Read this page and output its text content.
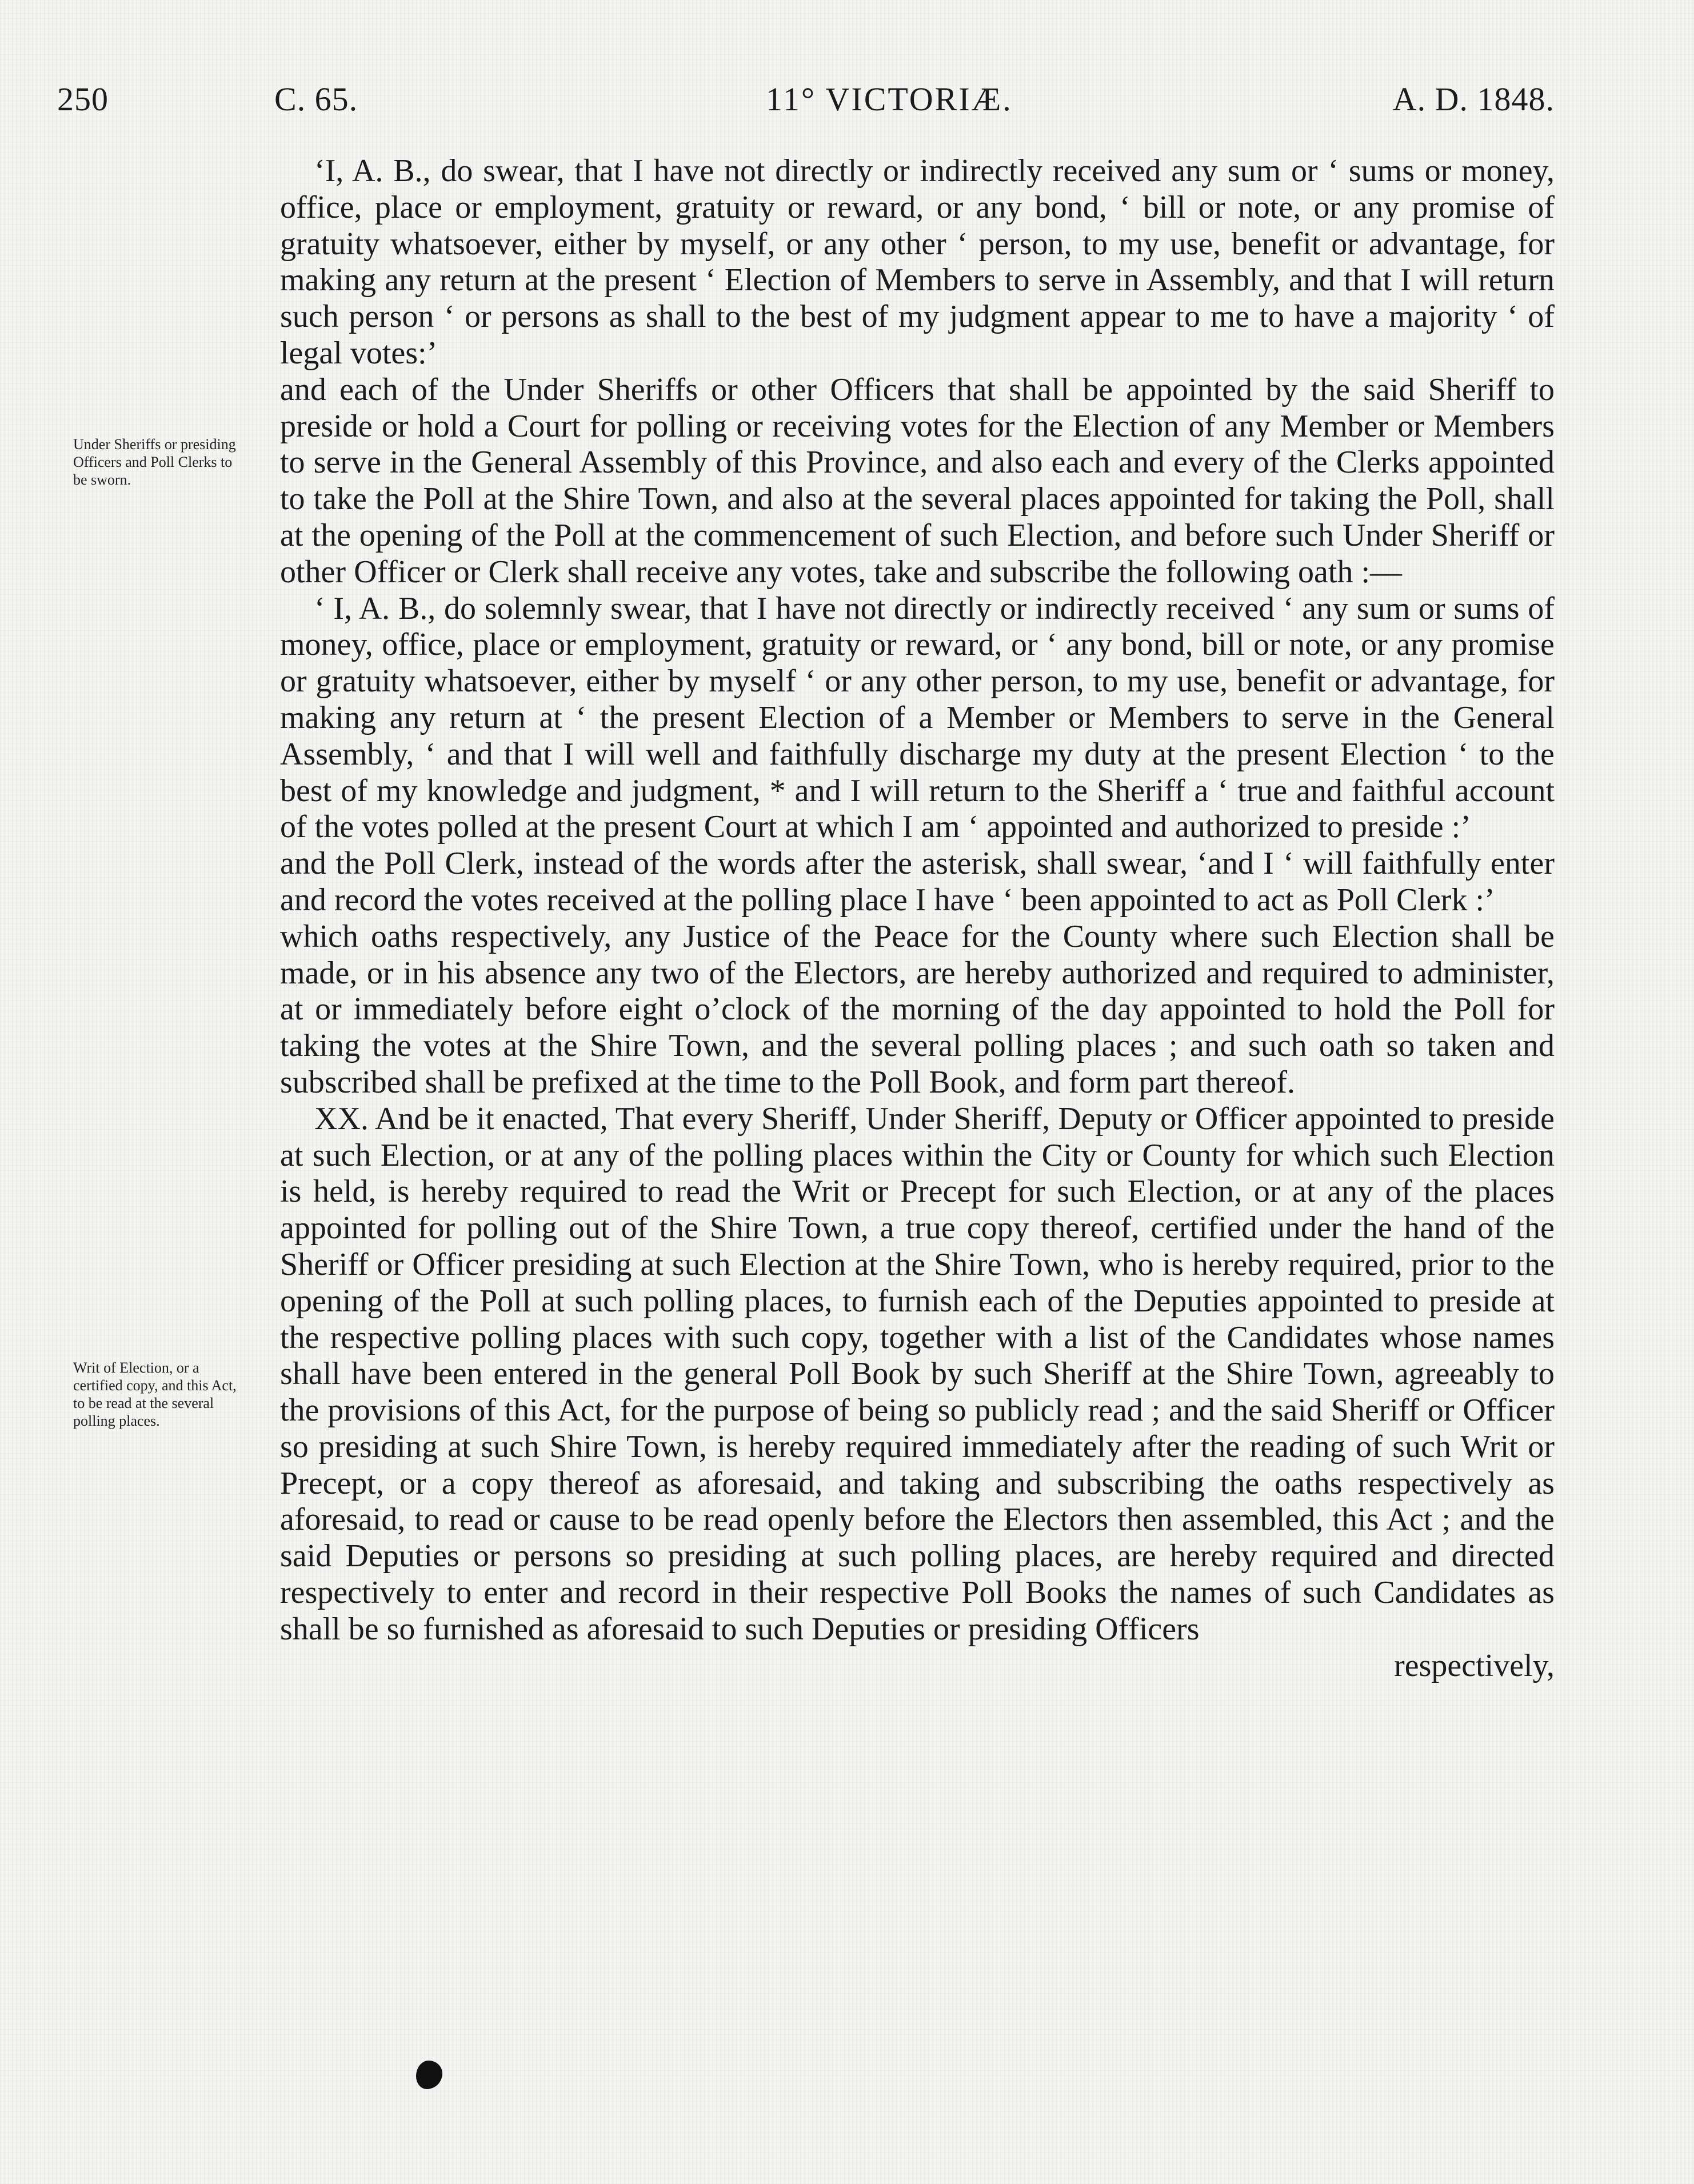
250	C. 65.	11° VICTORIÆ.	A. D. 1848.
Under Sheriffs or presiding Officers and Poll Clerks to be sworn.
Writ of Election, or a certified copy, and this Act, to be read at the several polling places.

‘I, A. B., do swear, that I have not directly or indirectly received any sum or ‘ sums or money, office, place or employment, gratuity or reward, or any bond, ‘ bill or note, or any promise of gratuity whatsoever, either by myself, or any other ‘ person, to my use, benefit or advantage, for making any return at the present ‘ Election of Members to serve in Assembly, and that I will return such person ‘ or persons as shall to the best of my judgment appear to me to have a majority ‘ of legal votes:’

and each of the Under Sheriffs or other Officers that shall be appointed by the said Sheriff to preside or hold a Court for polling or receiving votes for the Election of any Member or Members to serve in the General Assembly of this Province, and also each and every of the Clerks appointed to take the Poll at the Shire Town, and also at the several places appointed for taking the Poll, shall at the opening of the Poll at the commencement of such Election, and before such Under Sheriff or other Officer or Clerk shall receive any votes, take and subscribe the following oath :—

‘ I, A. B., do solemnly swear, that I have not directly or indirectly received ‘ any sum or sums of money, office, place or employment, gratuity or reward, or ‘ any bond, bill or note, or any promise or gratuity whatsoever, either by myself ‘ or any other person, to my use, benefit or advantage, for making any return at ‘ the present Election of a Member or Members to serve in the General Assembly, ‘ and that I will well and faithfully discharge my duty at the present Election ‘ to the best of my knowledge and judgment, * and I will return to the Sheriff a ‘ true and faithful account of the votes polled at the present Court at which I am ‘ appointed and authorized to preside :’

and the Poll Clerk, instead of the words after the asterisk, shall swear, ‘and I ‘ will faithfully enter and record the votes received at the polling place I have ‘ been appointed to act as Poll Clerk :’

which oaths respectively, any Justice of the Peace for the County where such Election shall be made, or in his absence any two of the Electors, are hereby authorized and required to administer, at or immediately before eight o’clock of the morning of the day appointed to hold the Poll for taking the votes at the Shire Town, and the several polling places ; and such oath so taken and subscribed shall be prefixed at the time to the Poll Book, and form part thereof.

XX. And be it enacted, That every Sheriff, Under Sheriff, Deputy or Officer appointed to preside at such Election, or at any of the polling places within the City or County for which such Election is held, is hereby required to read the Writ or Precept for such Election, or at any of the places appointed for polling out of the Shire Town, a true copy thereof, certified under the hand of the Sheriff or Officer presiding at such Election at the Shire Town, who is hereby required, prior to the opening of the Poll at such polling places, to furnish each of the Deputies appointed to preside at the respective polling places with such copy, together with a list of the Candidates whose names shall have been entered in the general Poll Book by such Sheriff at the Shire Town, agreeably to the provisions of this Act, for the purpose of being so publicly read ; and the said Sheriff or Officer so presiding at such Shire Town, is hereby required immediately after the reading of such Writ or Precept, or a copy thereof as aforesaid, and taking and subscribing the oaths respectively as aforesaid, to read or cause to be read openly before the Electors then assembled, this Act ; and the said Deputies or persons so presiding at such polling places, are hereby required and directed respectively to enter and record in their respective Poll Books the names of such Candidates as shall be so furnished as aforesaid to such Deputies or presiding Officers

respectively,
